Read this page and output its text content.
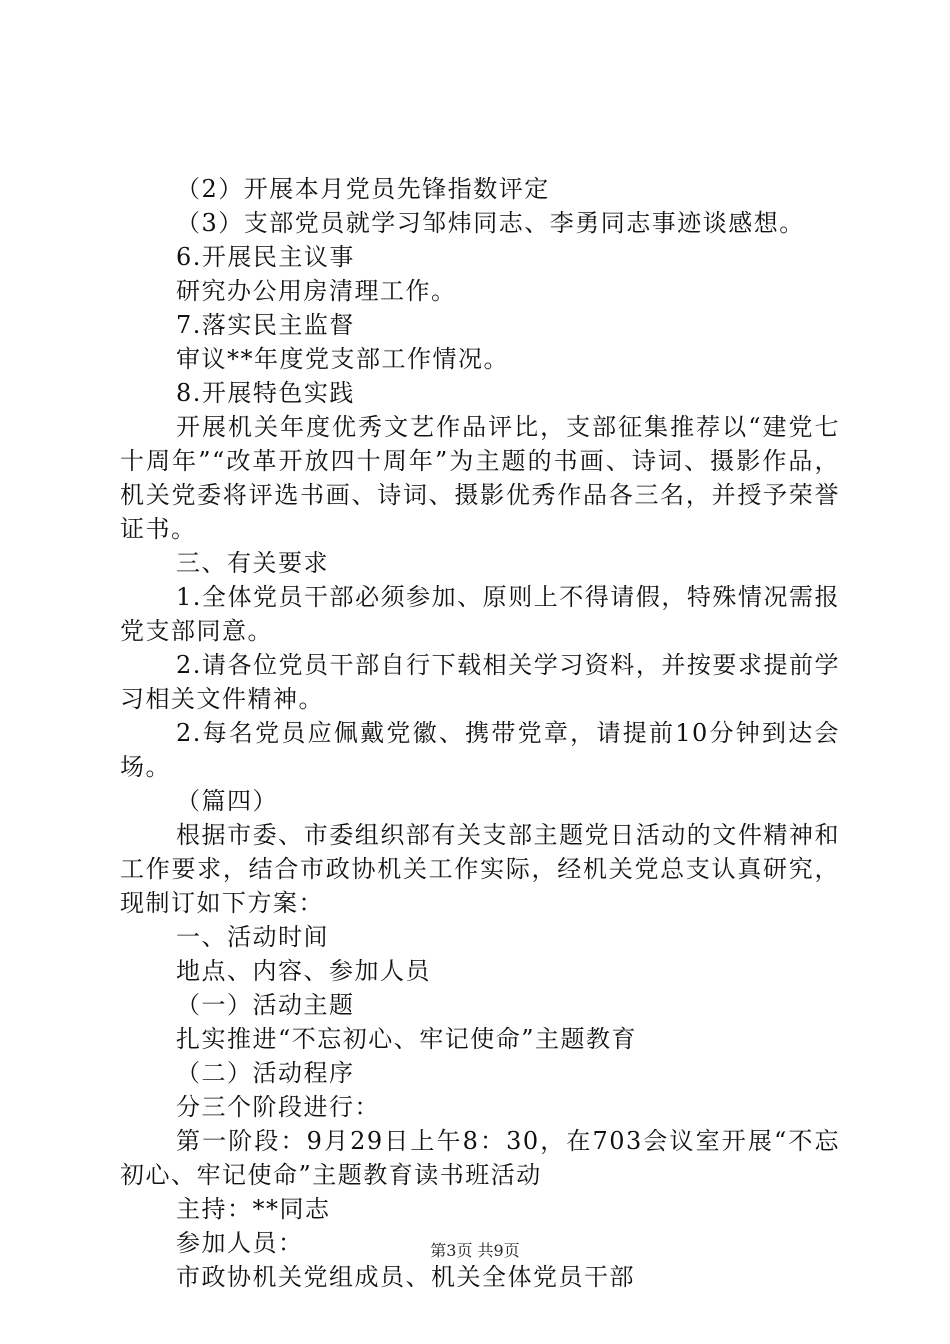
（2）开展本月党员先锋指数评定
（3）支部党员就学习邹炜同志、李勇同志事迹谈感想。
6.开展民主议事
研究办公用房清理工作。
7.落实民主监督
审议**年度党支部工作情况。
8.开展特色实践
开展机关年度优秀文艺作品评比，支部征集推荐以“建党七十周年”“改革开放四十周年”为主题的书画、诗词、摄影作品，机关党委将评选书画、诗词、摄影优秀作品各三名，并授予荣誉证书。
三、有关要求
1.全体党员干部必须参加、原则上不得请假，特殊情况需报党支部同意。
2.请各位党员干部自行下载相关学习资料，并按要求提前学习相关文件精神。
2.每名党员应佩戴党徽、携带党章，请提前10分钟到达会场。
（篇四）
根据市委、市委组织部有关支部主题党日活动的文件精神和工作要求，结合市政协机关工作实际，经机关党总支认真研究，现制订如下方案：
一、活动时间
地点、内容、参加人员
（一）活动主题
扎实推进“不忘初心、牢记使命”主题教育
（二）活动程序
分三个阶段进行：
第一阶段：9月29日上午8：30，在703会议室开展“不忘初心、牢记使命”主题教育读书班活动
主持：**同志
参加人员：
市政协机关党组成员、机关全体党员干部
第3页 共9页
